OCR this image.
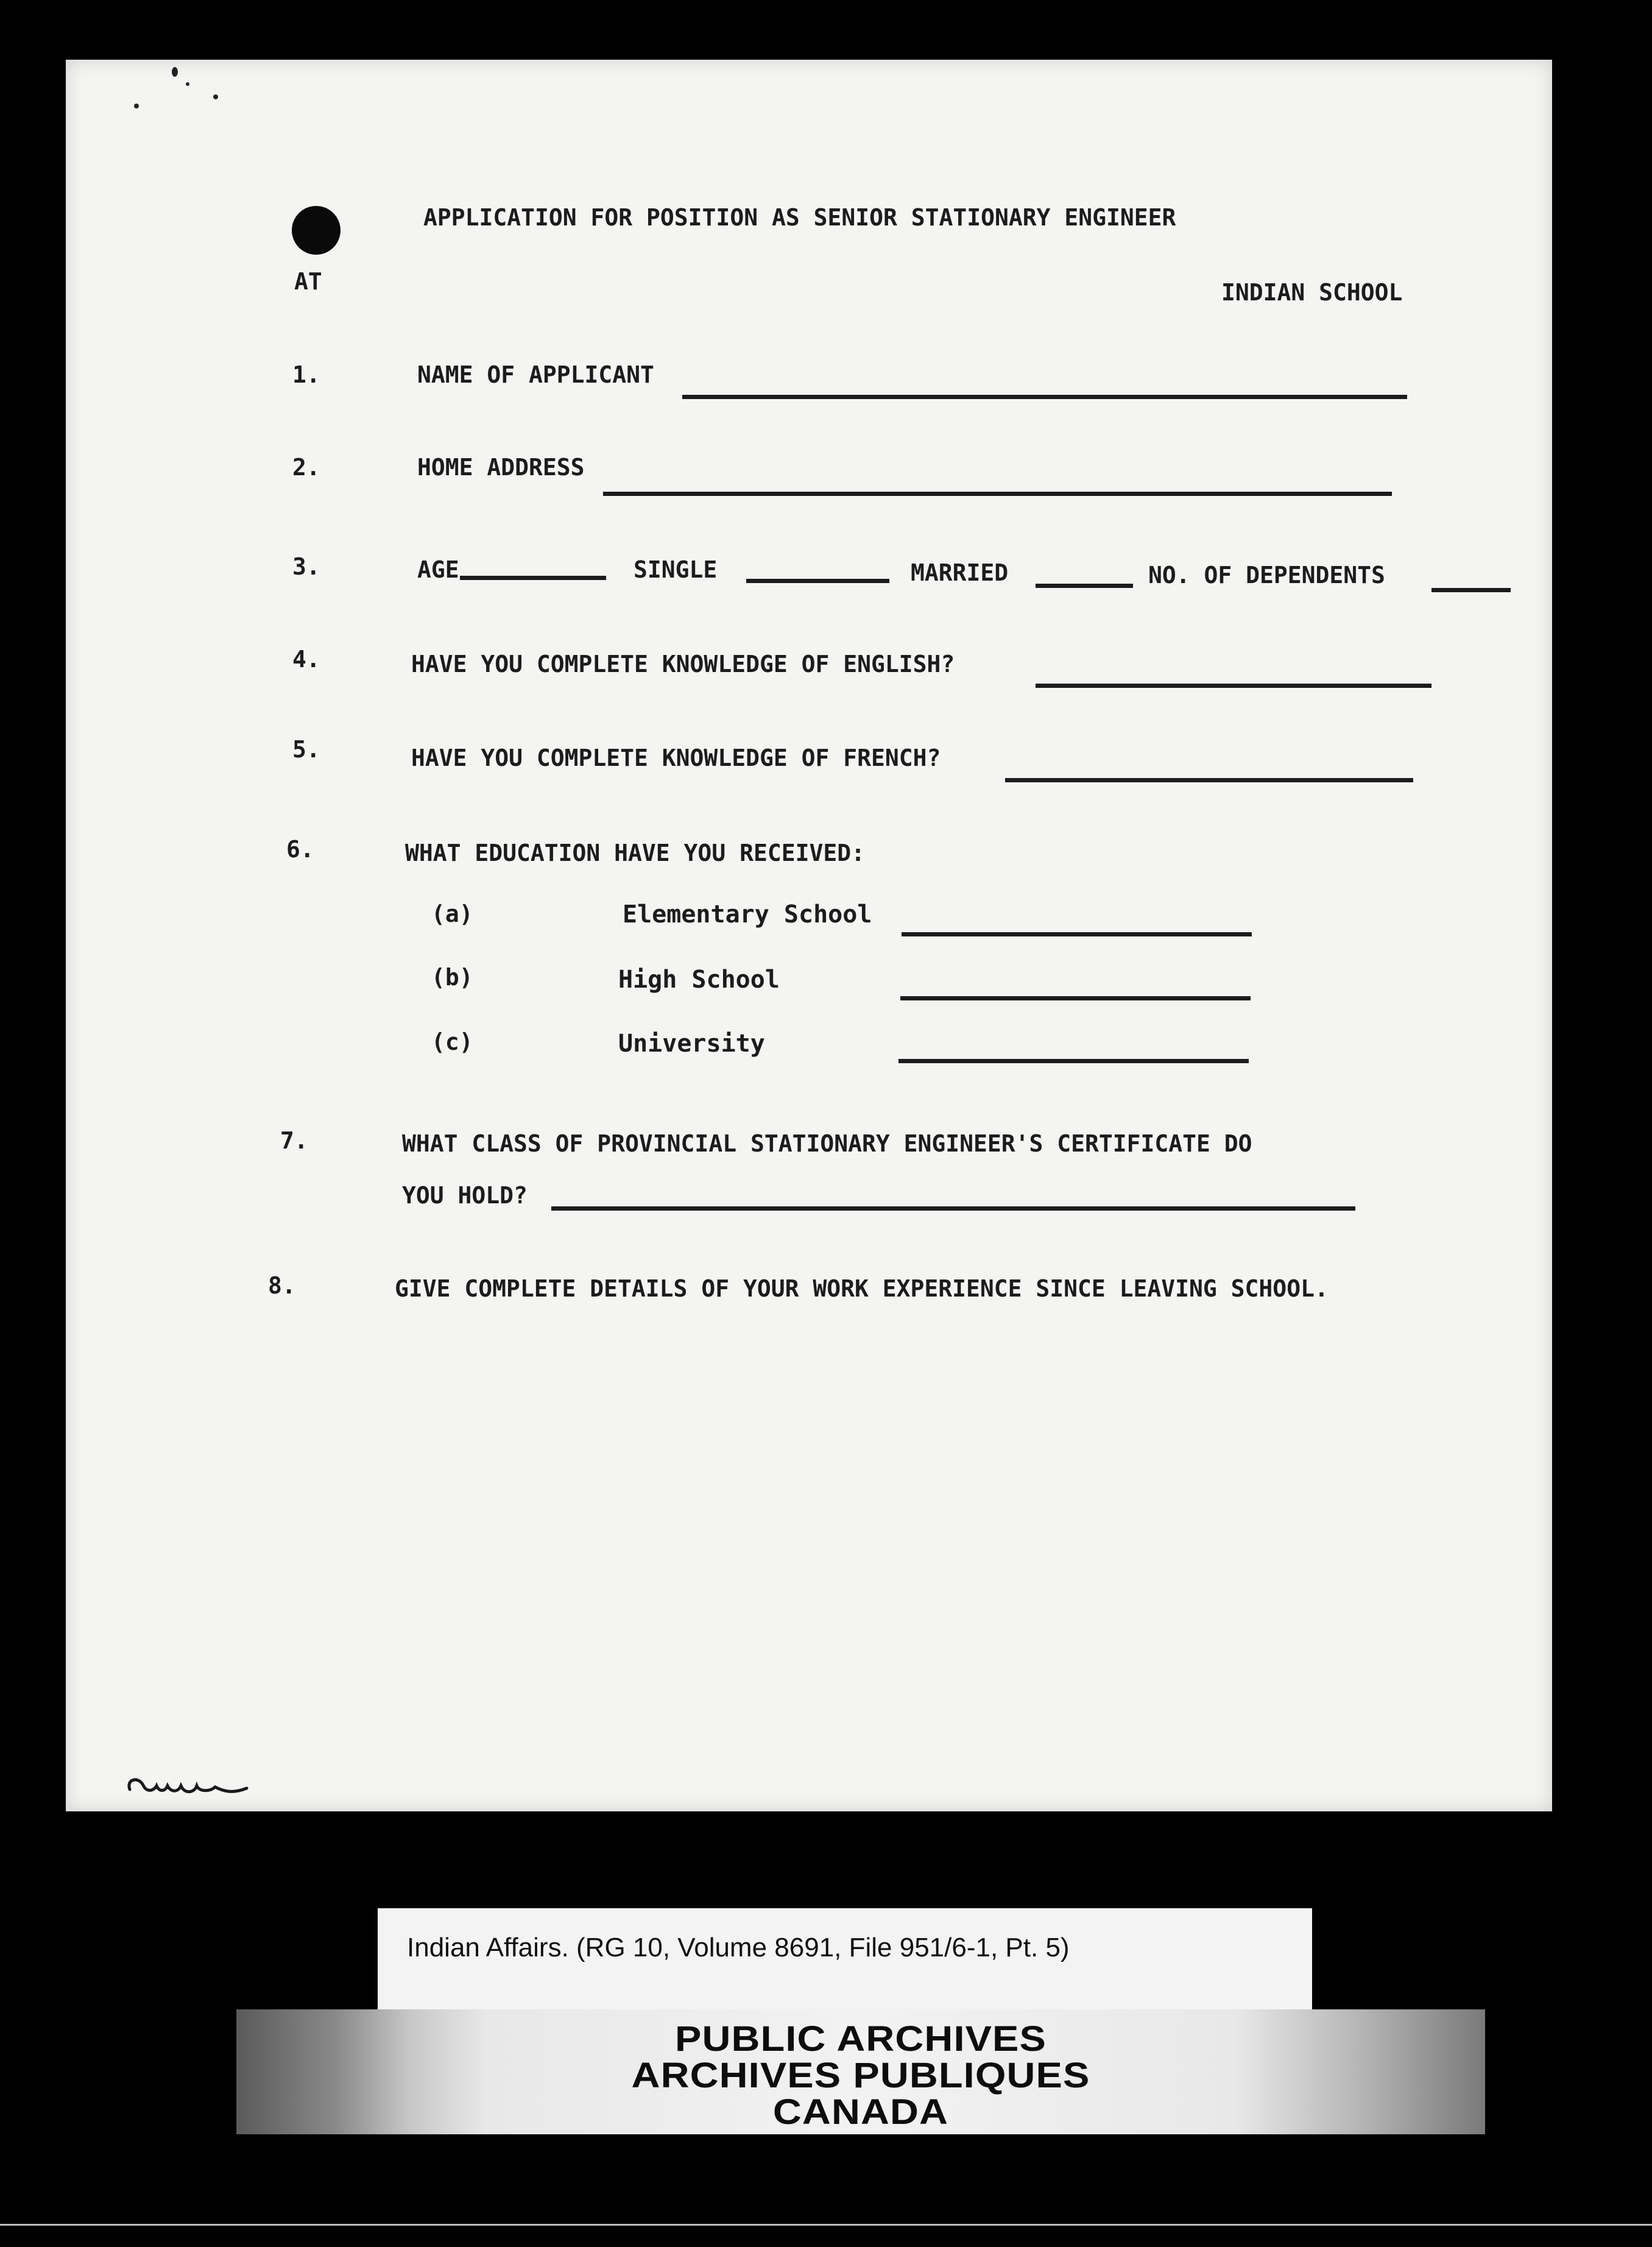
APPLICATION FOR POSITION AS SENIOR STATIONARY ENGINEER
AT	INDIAN SCHOOL
1.	NAME OF APPLICANT
2.	HOME ADDRESS
3.	AGE	SINGLE	MARRIED	NO. OF DEPENDENTS
4.	HAVE YOU COMPLETE KNOWLEDGE OF ENGLISH?
5.	HAVE YOU COMPLETE KNOWLEDGE OF FRENCH?
6.	WHAT EDUCATION HAVE YOU RECEIVED:
(a)	Elementary School
(b)	High School
(c)	University
7.	WHAT CLASS OF PROVINCIAL STATIONARY ENGINEER'S CERTIFICATE DO
YOU HOLD?
8.	GIVE COMPLETE DETAILS OF YOUR WORK EXPERIENCE SINCE LEAVING SCHOOL.
Indian Affairs. (RG 10, Volume 8691, File 951/6-1, Pt. 5)
PUBLIC ARCHIVES
ARCHIVES PUBLIQUES
CANADA
